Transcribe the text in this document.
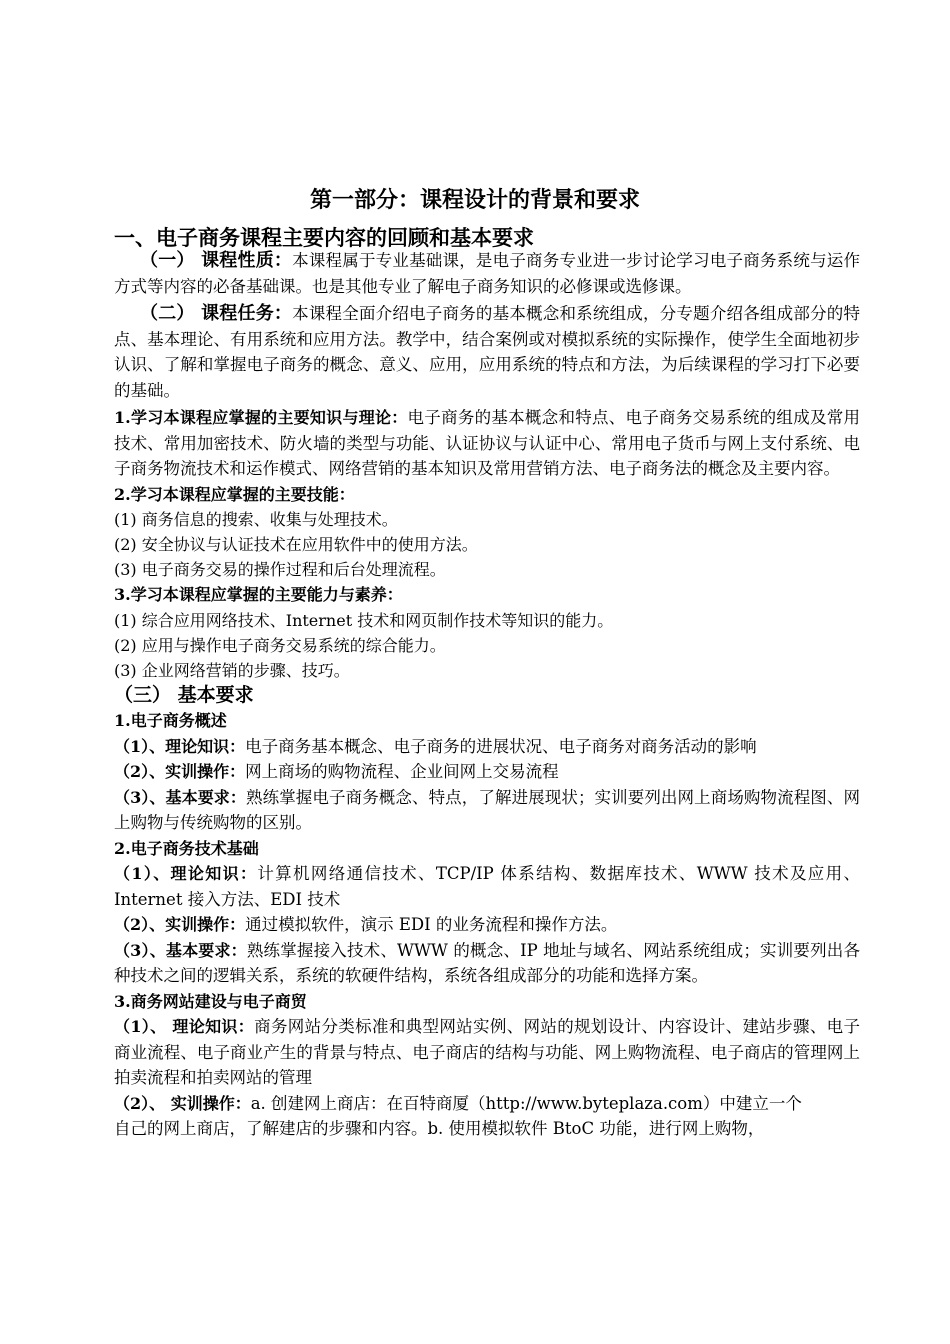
第一部分：课程设计的背景和要求
一、电子商务课程主要内容的回顾和基本要求

（一） 课程性质：本课程属于专业基础课，是电子商务专业进一步讨论学习电子商务系统与运作方式等内容的必备基础课。也是其他专业了解电子商务知识的必修课或选修课。

（二） 课程任务：本课程全面介绍电子商务的基本概念和系统组成，分专题介绍各组成部分的特点、基本理论、有用系统和应用方法。教学中，结合案例或对模拟系统的实际操作，使学生全面地初步认识、了解和掌握电子商务的概念、意义、应用，应用系统的特点和方法，为后续课程的学习打下必要的基础。

1.学习本课程应掌握的主要知识与理论：电子商务的基本概念和特点、电子商务交易系统的组成及常用技术、常用加密技术、防火墙的类型与功能、认证协议与认证中心、常用电子货币与网上支付系统、电子商务物流技术和运作模式、网络营销的基本知识及常用营销方法、电子商务法的概念及主要内容。

2.学习本课程应掌握的主要技能：

(1) 商务信息的搜索、收集与处理技术。

(2) 安全协议与认证技术在应用软件中的使用方法。

(3) 电子商务交易的操作过程和后台处理流程。

3.学习本课程应掌握的主要能力与素养：

(1) 综合应用网络技术、Internet 技术和网页制作技术等知识的能力。

(2) 应用与操作电子商务交易系统的综合能力。

(3) 企业网络营销的步骤、技巧。

（三） 基本要求

1.电子商务概述

（1）、理论知识：电子商务基本概念、电子商务的进展状况、电子商务对商务活动的影响

（2）、实训操作：网上商场的购物流程、企业间网上交易流程

（3）、基本要求：熟练掌握电子商务概念、特点，了解进展现状；实训要列出网上商场购物流程图、网上购物与传统购物的区别。

2.电子商务技术基础

（1）、理论知识：计算机网络通信技术、TCP/IP 体系结构、数据库技术、WWW 技术及应用、Internet 接入方法、EDI 技术

（2）、实训操作：通过模拟软件，演示 EDI 的业务流程和操作方法。

（3）、基本要求：熟练掌握接入技术、WWW 的概念、IP 地址与域名、网站系统组成；实训要列出各种技术之间的逻辑关系，系统的软硬件结构，系统各组成部分的功能和选择方案。

3.商务网站建设与电子商贸

（1）、 理论知识：商务网站分类标准和典型网站实例、网站的规划设计、内容设计、建站步骤、电子商业流程、电子商业产生的背景与特点、电子商店的结构与功能、网上购物流程、电子商店的管理网上拍卖流程和拍卖网站的管理

（2）、 实训操作：a. 创建网上商店：在百特商厦（http://www.byteplaza.com）中建立一个

自己的网上商店，了解建店的步骤和内容。b. 使用模拟软件 BtoC 功能，进行网上购物，
